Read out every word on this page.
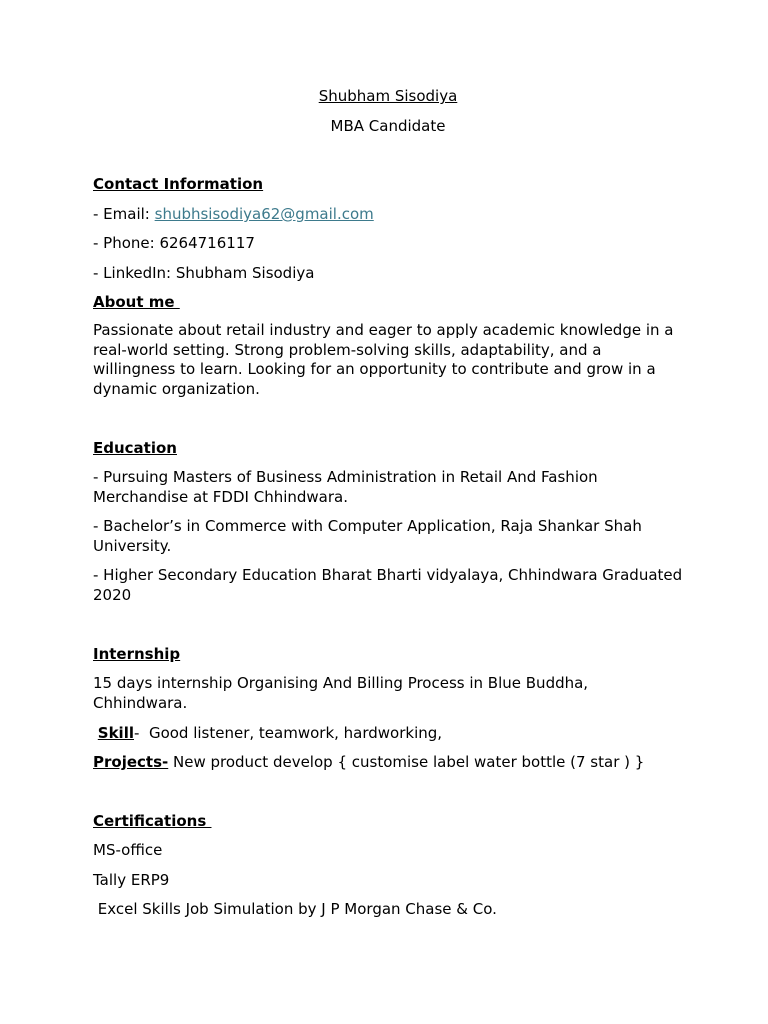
Shubham Sisodiya

MBA Candidate

Contact Information

- Email: shubhsisodiya62@gmail.com

- Phone: 6264716117

- LinkedIn: Shubham Sisodiya

About me

Passionate about retail industry and eager to apply academic knowledge in a real-world setting. Strong problem-solving skills, adaptability, and a willingness to learn. Looking for an opportunity to contribute and grow in a dynamic organization.

Education

- Pursuing Masters of Business Administration in Retail And Fashion Merchandise at FDDI Chhindwara.

- Bachelor’s in Commerce with Computer Application, Raja Shankar Shah University.

- Higher Secondary Education Bharat Bharti vidyalaya, Chhindwara Graduated 2020

Internship

15 days internship Organising And Billing Process in Blue Buddha, Chhindwara.

Skill-  Good listener, teamwork, hardworking,

Projects- New product develop { customise label water bottle (7 star ) }

Certifications

MS-office

Tally ERP9

Excel Skills Job Simulation by J P Morgan Chase & Co.
